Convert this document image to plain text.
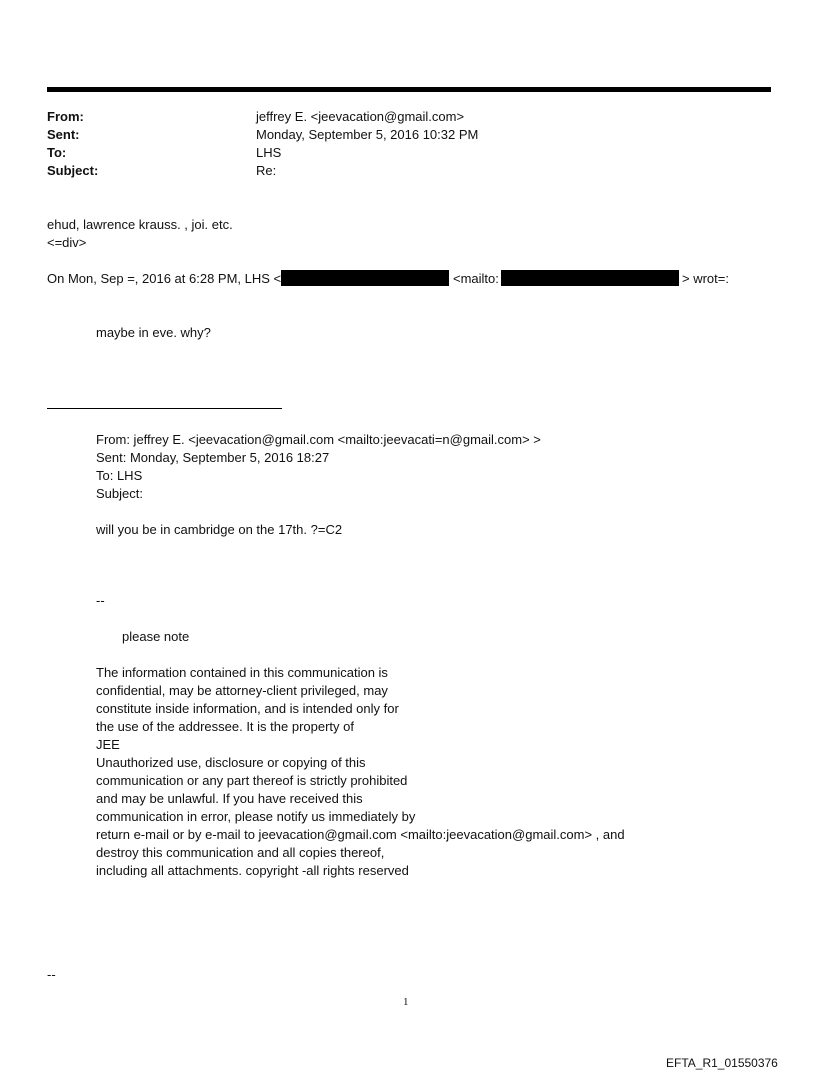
From:	jeffrey E. <jeevacation@gmail.com>
Sent:	Monday, September 5, 2016 10:32 PM
To:	LHS
Subject:	Re:
ehud, lawrence krauss. , joi. etc.
<=div>
On Mon, Sep =, 2016 at 6:28 PM, LHS <	<mailto:	> wrot=:
maybe in eve. why?
From: jeffrey E. <jeevacation@gmail.com <mailto:jeevacati=n@gmail.com> >
Sent: Monday, September 5, 2016 18:27
To: LHS
Subject:
will you be in cambridge on the 17th. ?=C2
--
please note
The information contained in this communication is
confidential, may be attorney-client privileged, may
constitute inside information, and is intended only for
the use of the addressee. It is the property of
JEE
Unauthorized use, disclosure or copying of this
communication or any part thereof is strictly prohibited
and may be unlawful. If you have received this
communication in error, please notify us immediately by
return e-mail or by e-mail to jeevacation@gmail.com <mailto:jeevacation@gmail.com> , and
destroy this communication and all copies thereof,
including all attachments. copyright -all rights reserved
--
1
EFTA_R1_01550376
